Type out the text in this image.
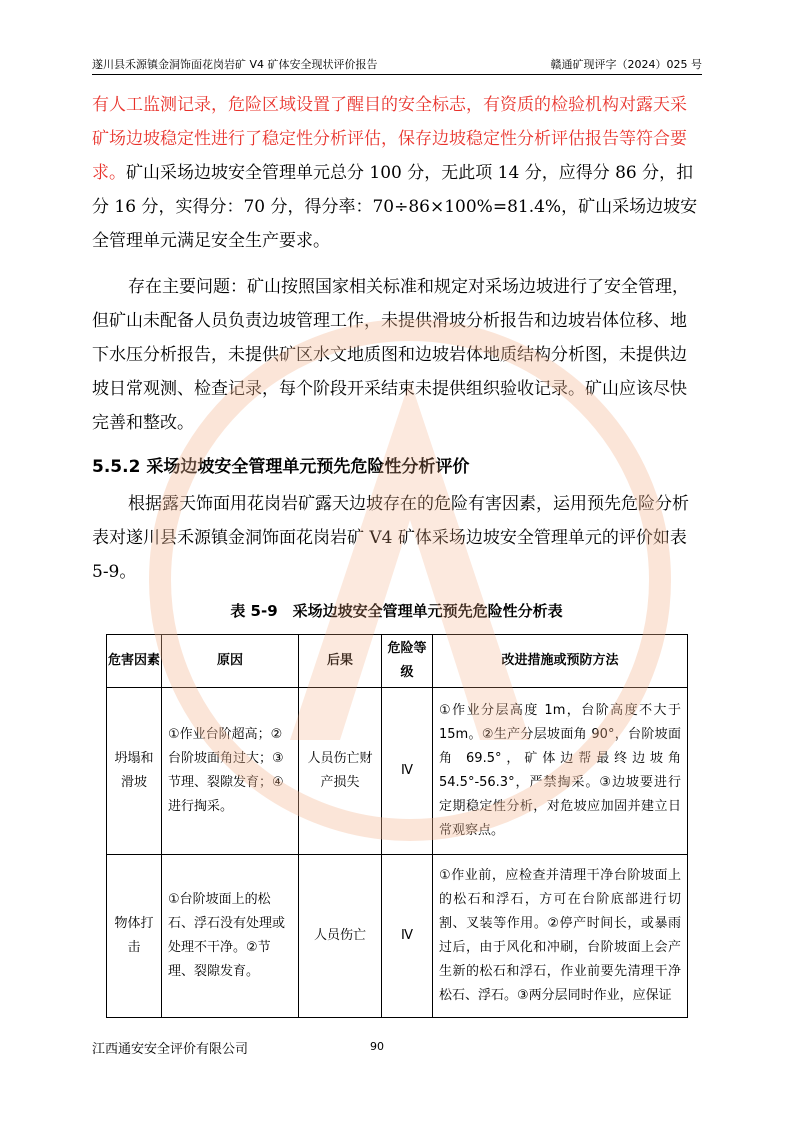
遂川县禾源镇金洞饰面花岗岩矿 V4 矿体安全现状评价报告	赣通矿现评字（2024）025 号
有人工监测记录，危险区域设置了醒目的安全标志，有资质的检验机构对露天采矿场边坡稳定性进行了稳定性分析评估，保存边坡稳定性分析评估报告等符合要求。矿山采场边坡安全管理单元总分 100 分，无此项 14 分，应得分 86 分，扣分 16 分，实得分：70 分，得分率：70÷86×100%=81.4%，矿山采场边坡安全管理单元满足安全生产要求。
存在主要问题：矿山按照国家相关标准和规定对采场边坡进行了安全管理，但矿山未配备人员负责边坡管理工作，未提供滑坡分析报告和边坡岩体位移、地下水压分析报告，未提供矿区水文地质图和边坡岩体地质结构分析图，未提供边坡日常观测、检查记录，每个阶段开采结束未提供组织验收记录。矿山应该尽快完善和整改。
5.5.2 采场边坡安全管理单元预先危险性分析评价
根据露天饰面用花岗岩矿露天边坡存在的危险有害因素，运用预先危险分析表对遂川县禾源镇金洞饰面花岗岩矿 V4 矿体采场边坡安全管理单元的评价如表 5-9。
表 5-9　采场边坡安全管理单元预先危险性分析表
危害因素	原因	后果	危险等级	改进措施或预防方法
坍塌和滑坡	①作业台阶超高；②台阶坡面角过大；③节理、裂隙发育；④进行掏采。	人员伤亡财产损失	Ⅳ	①作业分层高度 1m，台阶高度不大于 15m。②生产分层坡面角 90°，台阶坡面角 69.5°，矿体边帮最终边坡角 54.5°-56.3°，严禁掏采。③边坡要进行定期稳定性分析，对危坡应加固并建立日常观察点。
物体打击	①台阶坡面上的松石、浮石没有处理或处理不干净。②节理、裂隙发育。	人员伤亡	Ⅳ	①作业前，应检查并清理干净台阶坡面上的松石和浮石，方可在台阶底部进行切割、叉装等作用。②停产时间长，或暴雨过后，由于风化和冲刷，台阶坡面上会产生新的松石和浮石，作业前要先清理干净松石、浮石。③两分层同时作业，应保证
江西通安安全评价有限公司	90
